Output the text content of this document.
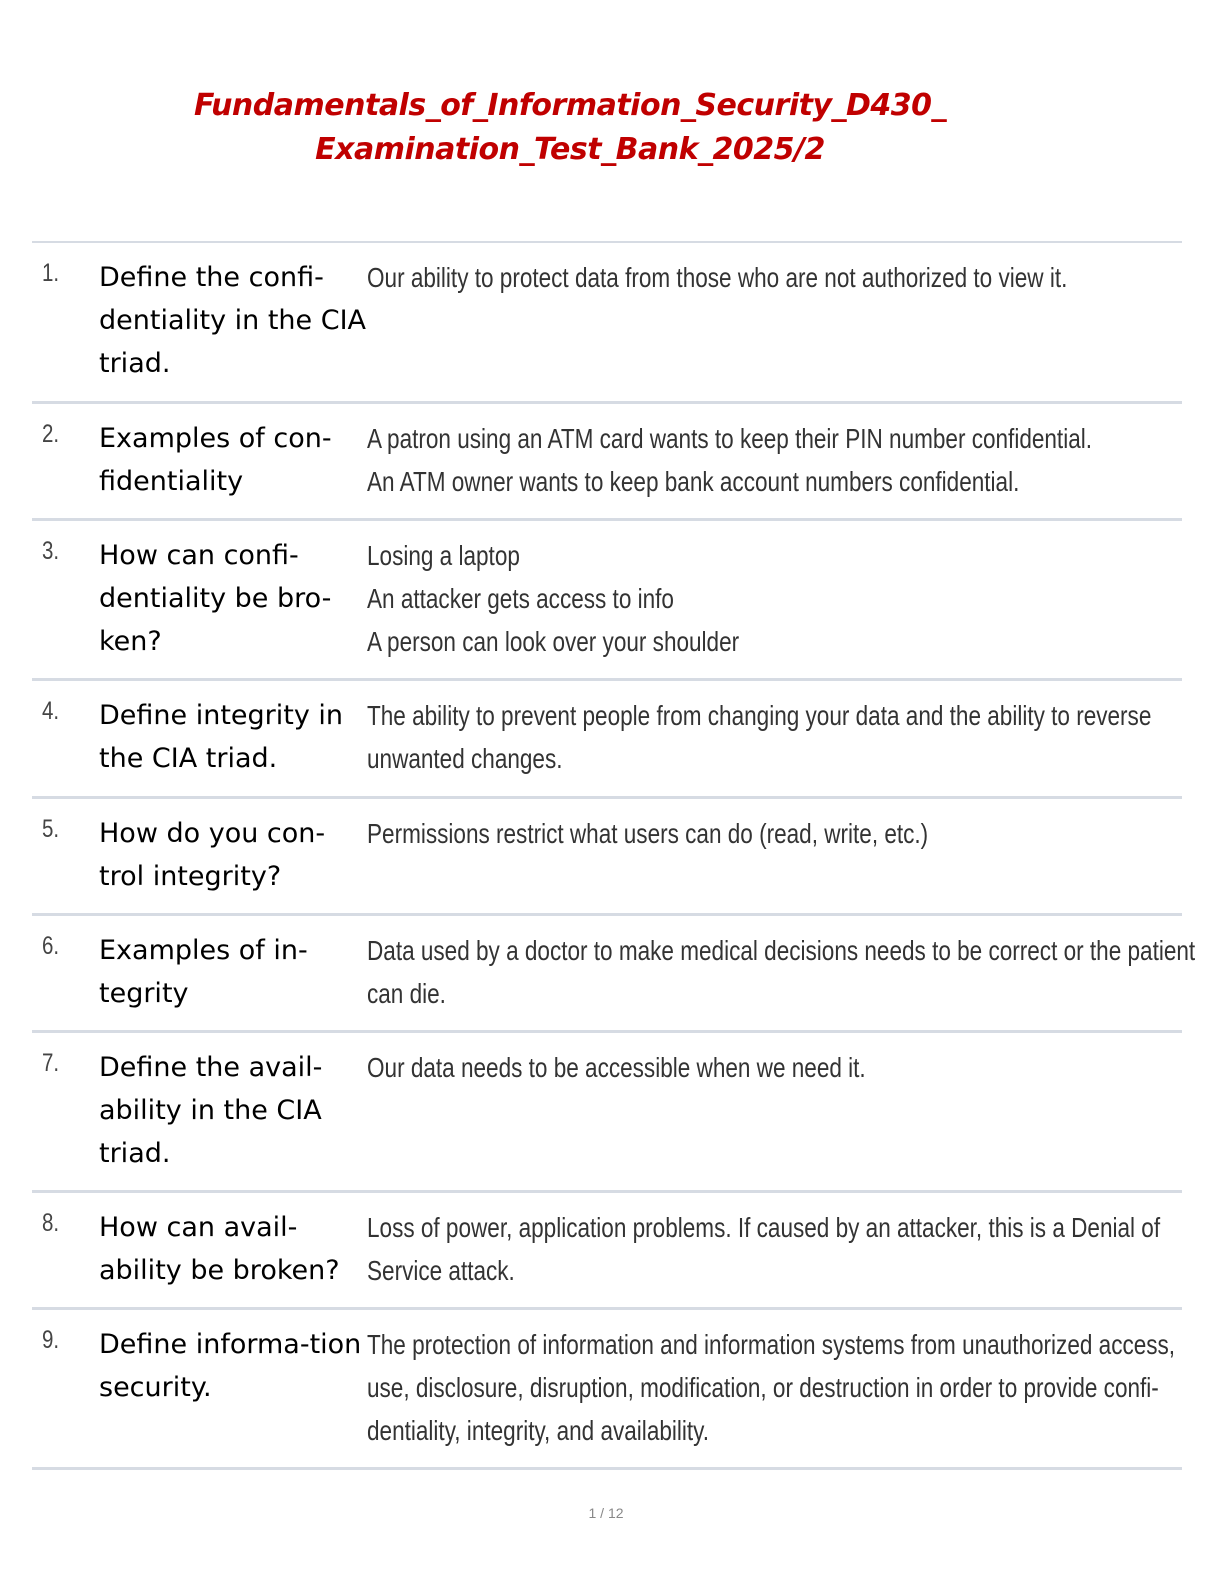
Fundamentals_of_Information_Security_D430_
Examination_Test_Bank_2025/2
1. Define the confi-dentiality in the CIA triad.
Our ability to protect data from those who are not authorized to view it.
2. Examples of con-fidentiality
A patron using an ATM card wants to keep their PIN number confidential.
An ATM owner wants to keep bank account numbers confidential.
3. How can confi-dentiality be bro-ken?
Losing a laptop
An attacker gets access to info
A person can look over your shoulder
4. Define integrity in the CIA triad.
The ability to prevent people from changing your data and the ability to reverse
unwanted changes.
5. How do you con-trol integrity?
Permissions restrict what users can do (read, write, etc.)
6. Examples of in-tegrity
Data used by a doctor to make medical decisions needs to be correct or the patient
can die.
7. Define the avail-ability in the CIA triad.
Our data needs to be accessible when we need it.
8. How can avail-ability be broken?
Loss of power, application problems. If caused by an attacker, this is a Denial of
Service attack.
9. Define informa-tion security.
The protection of information and information systems from unauthorized access,
use, disclosure, disruption, modification, or destruction in order to provide confi-
dentiality, integrity, and availability.
1 / 12
